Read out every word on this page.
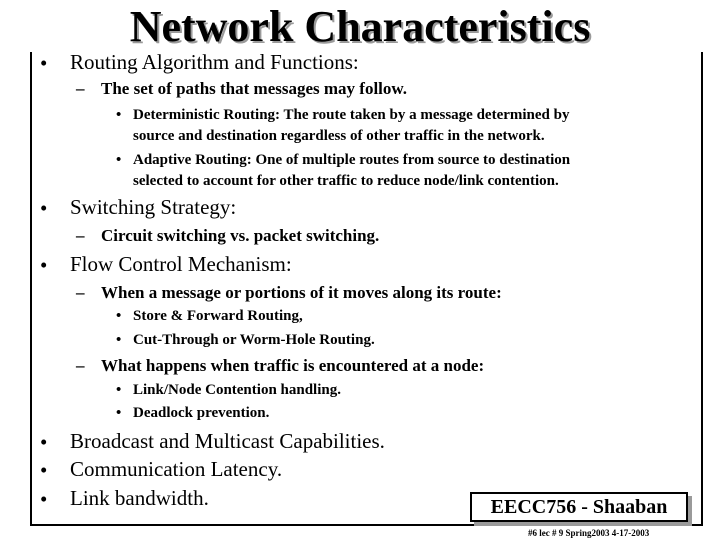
Network Characteristics
• Routing Algorithm and Functions:
– The set of paths that messages may follow.
• Deterministic Routing: The route taken by a message determined by
source and destination regardless of other traffic in the network.
• Adaptive Routing: One of multiple routes from source to destination
selected to account for other traffic to reduce node/link contention.
• Switching Strategy:
– Circuit switching vs. packet switching.
• Flow Control Mechanism:
– When a message or portions of it moves along its route:
• Store & Forward Routing,
• Cut-Through or Worm-Hole Routing.
– What happens when traffic is encountered at a node:
• Link/Node Contention handling.
• Deadlock prevention.
• Broadcast and Multicast Capabilities.
• Communication Latency.
• Link bandwidth.	EECC756 - Shaaban
#6 lec # 9 Spring2003 4-17-2003
